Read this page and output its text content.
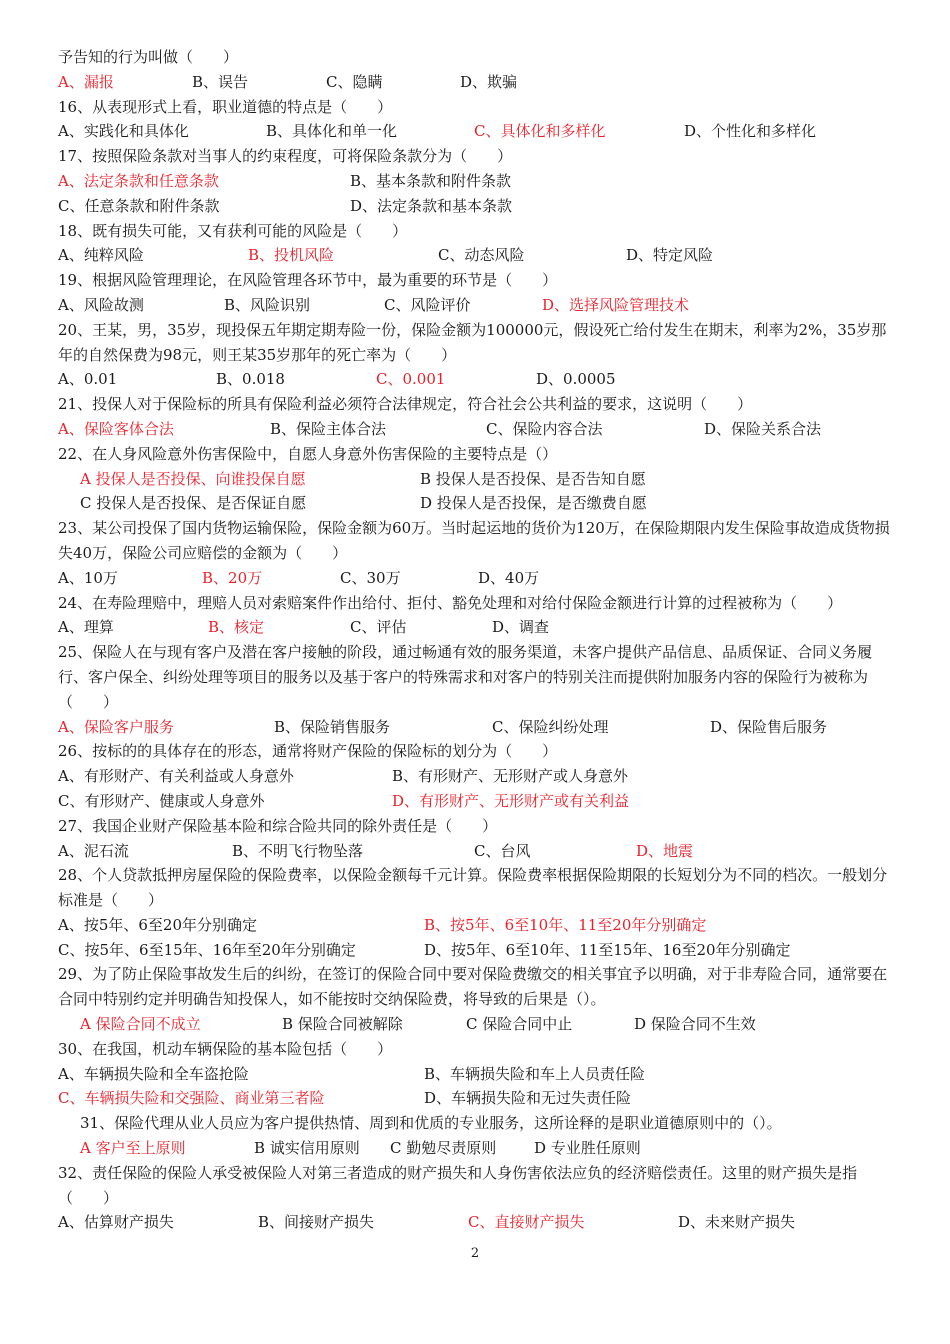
予告知的行为叫做（　　）
A、漏报	B、误告	C、隐瞒	D、欺骗
16、从表现形式上看，职业道德的特点是（　　）
A、实践化和具体化	B、具体化和单一化	C、具体化和多样化	D、个性化和多样化
17、按照保险条款对当事人的约束程度，可将保险条款分为（　　）
A、法定条款和任意条款	B、基本条款和附件条款
C、任意条款和附件条款	D、法定条款和基本条款
18、既有损失可能，又有获利可能的风险是（　　）
A、纯粹风险	B、投机风险	C、动态风险	D、特定风险
19、根据风险管理理论，在风险管理各环节中，最为重要的环节是（　　）
A、风险故测	B、风险识别	C、风险评价	D、选择风险管理技术
20、王某，男，35岁，现投保五年期定期寿险一份，保险金额为100000元，假设死亡给付发生在期末，利率为2%，35岁那年的自然保费为98元，则王某35岁那年的死亡率为（　　）
A、0.01	B、0.018	C、0.001	D、0.0005
21、投保人对于保险标的所具有保险利益必须符合法律规定，符合社会公共利益的要求，这说明（　　）
A、保险客体合法	B、保险主体合法	C、保险内容合法	D、保险关系合法
22、在人身风险意外伤害保险中，自愿人身意外伤害保险的主要特点是（）
A 投保人是否投保、向谁投保自愿	B 投保人是否投保、是否告知自愿
C 投保人是否投保、是否保证自愿	D 投保人是否投保，是否缴费自愿
23、某公司投保了国内货物运输保险，保险金额为60万。当时起运地的货价为120万，在保险期限内发生保险事故造成货物损失40万，保险公司应赔偿的金额为（　　）
A、10万	B、20万	C、30万	D、40万
24、在寿险理赔中，理赔人员对索赔案件作出给付、拒付、豁免处理和对给付保险金额进行计算的过程被称为（　　）
A、理算	B、核定	C、评估	D、调查
25、保险人在与现有客户及潜在客户接触的阶段，通过畅通有效的服务渠道，未客户提供产品信息、品质保证、合同义务履行、客户保全、纠纷处理等项目的服务以及基于客户的特殊需求和对客户的特别关注而提供附加服务内容的保险行为被称为（　　）
A、保险客户服务	B、保险销售服务	C、保险纠纷处理	D、保险售后服务
26、按标的的具体存在的形态，通常将财产保险的保险标的划分为（　　）
A、有形财产、有关利益或人身意外	B、有形财产、无形财产或人身意外
C、有形财产、健康或人身意外	D、有形财产、无形财产或有关利益
27、我国企业财产保险基本险和综合险共同的除外责任是（　　）
A、泥石流	B、不明飞行物坠落	C、台风	D、地震
28、个人贷款抵押房屋保险的保险费率，以保险金额每千元计算。保险费率根据保险期限的长短划分为不同的档次。一般划分标准是（　　）
A、按5年、6至20年分别确定	B、按5年、6至10年、11至20年分别确定
C、按5年、6至15年、16年至20年分别确定	D、按5年、6至10年、11至15年、16至20年分别确定
29、为了防止保险事故发生后的纠纷，在签订的保险合同中要对保险费缴交的相关事宜予以明确，对于非寿险合同，通常要在合同中特别约定并明确告知投保人，如不能按时交纳保险费，将导致的后果是（）。
A 保险合同不成立	B 保险合同被解除	C 保险合同中止	D 保险合同不生效
30、在我国，机动车辆保险的基本险包括（　　）
A、车辆损失险和全车盗抢险	B、车辆损失险和车上人员责任险
C、车辆损失险和交强险、商业第三者险	D、车辆损失险和无过失责任险
31、保险代理从业人员应为客户提供热情、周到和优质的专业服务，这所诠释的是职业道德原则中的（）。
A 客户至上原则	B 诚实信用原则 C 勤勉尽责原则	D 专业胜任原则
32、责任保险的保险人承受被保险人对第三者造成的财产损失和人身伤害依法应负的经济赔偿责任。这里的财产损失是指（　　）
A、估算财产损失	B、间接财产损失	C、直接财产损失	D、未来财产损失
2
